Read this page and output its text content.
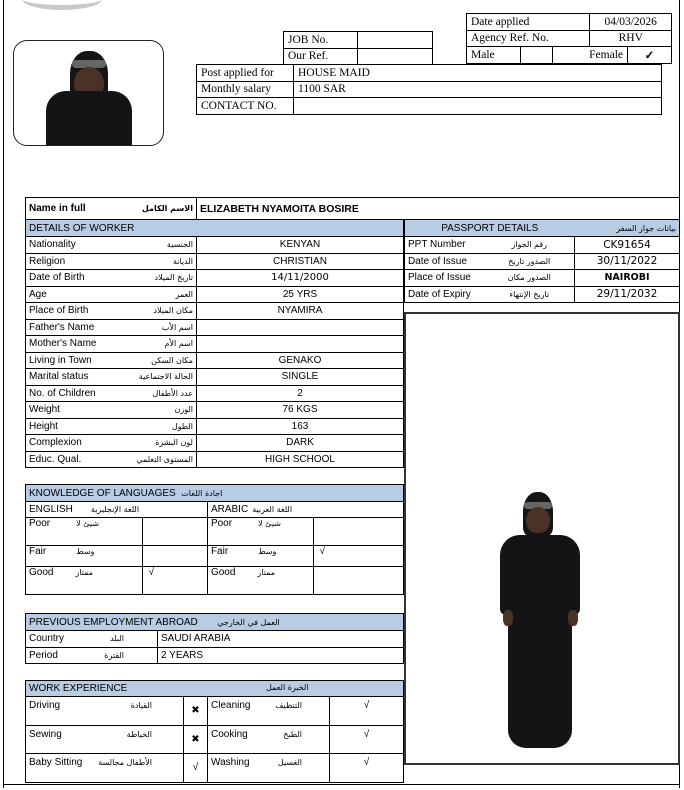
JOB No.	
Our Ref.	
Date applied			04/03/2026	
Agency Ref. No.			RHV	
Male		Female		✓
Post applied for	HOUSE MAID
Monthly salary	1100 SAR
CONTACT NO.	
Name in full	الاسم الكامل	ELIZABETH NYAMOITA BOSIRE
DETAILS OF WORKER	

Nationality الجنسية	KENYAN

Religion الديانة	CHRISTIAN

Date of Birth تاريخ الميلاد	14/11/2000

Age العمر	25 YRS

Place of Birth مكان الميلاد	NYAMIRA

Father's Name اسم الأب	

Mother's Name اسم الأم	

Living in Town مكان السكن	GENAKO

Marital status الحالة الاجتماعية	SINGLE

No. of Children عدد الأطفال	2

Weight الوزن	76 KGS

Height الطول	163

Complexion لون البشرة	DARK

Educ. Qual. المستوى التعلمي	HIGH SCHOOL
PASSPORT DETAILS		بيانات جواز السفر
PPT Number	رقم الجواز	CK91654
Date of Issue	الصدور تاريخ	30/11/2022
Place of Issue	الصدور مكان	NAIROBI
Date of Expiry	تاريخ الإنتهاء	29/11/2032
KNOWLEDGE OF LANGUAGES اجادة اللغات			

ENGLISH اللغة الإنجليزية		ARABIC اللغة العربية	

Poor شيئ لا		Poor شيئ لا	

Fair وسط		Fair وسط	√

Good ممتاز	√	Good ممتاز	

PREVIOUS EMPLOYMENT ABROAD العمل في الخارجي	

Country البلد	SAUDI ARABIA

Period الفترة	2 YEARS
WORK EXPERIENCE الخبرة العمل			

Driving القيادة	✖	Cleaning التنظيف	√

Sewing الخياطة	✖	Cooking الطبخ	√

Baby Sitting الأطفال مجالسة	√	Washing الغسيل	√
